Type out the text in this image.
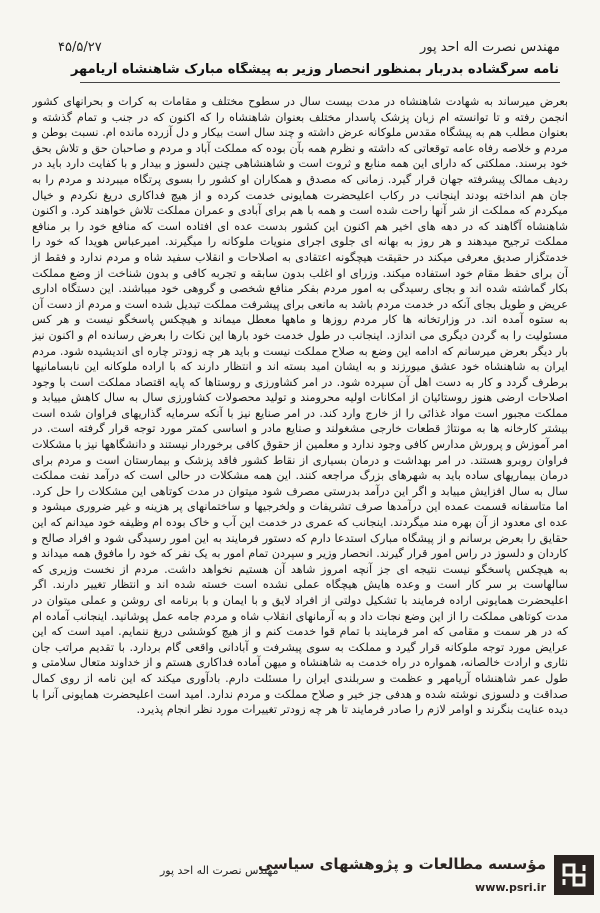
۴۵/۵/۲۷	مهندس نصرت اله احد پور
نامه سرگشاده بدربار بمنظور انحصار وزیر به پیشگاه مبارک شاهنشاه آریامهر

بعرض میرساند به شهادت شاهنشاه در مدت بیست سال در سطوح مختلف و مقامات به کرات و بحرانهای کشور انجمن رفته و تا توانسته ام زبان پزشک پاسدار مختلف بعنوان شاهنشاه را که اکنون که در جنب و تمام گذشته و بعنوان مطلب هم به پیشگاه مقدس ملوکانه عرض داشته و چند سال است بیکار و دل آزرده مانده ام. نسبت بوطن و مردم و خلاصه رفاه عامه توقعاتی که داشته و نظرم همه بآن بوده که مملکت آباد و مردم و صاحبان حق و تلاش بحق خود برسند. مملکتی که دارای این همه منابع و ثروت است و شاهنشاهی چنین دلسوز و بیدار و با کفایت دارد باید در ردیف ممالک پیشرفته جهان قرار گیرد. زمانی که مصدق و همکاران او کشور را بسوی پرتگاه میبردند و مردم را به جان هم انداخته بودند اینجانب در رکاب اعلیحضرت همایونی خدمت کرده و از هیچ فداکاری دریغ نکردم و خیال میکردم که مملکت از شر آنها راحت شده است و همه با هم برای آبادی و عمران مملکت تلاش خواهند کرد. و اکنون شاهنشاه آگاهند که در دهه های اخیر هم اکنون این کشور بدست عده ای افتاده است که منافع خود را بر منافع مملکت ترجیح میدهند و هر روز به بهانه ای جلوی اجرای منویات ملوکانه را میگیرند. امیرعباس هویدا که خود را خدمتگزار صدیق معرفی میکند در حقیقت هیچگونه اعتقادی به اصلاحات و انقلاب سفید شاه و مردم ندارد و فقط از آن برای حفظ مقام خود استفاده میکند. وزرای او اغلب بدون سابقه و تجربه کافی و بدون شناخت از وضع مملکت بکار گماشته شده اند و بجای رسیدگی به امور مردم بفکر منافع شخصی و گروهی خود میباشند. این دستگاه اداری عریض و طویل بجای آنکه در خدمت مردم باشد به مانعی برای پیشرفت مملکت تبدیل شده است و مردم از دست آن به ستوه آمده اند. در وزارتخانه ها کار مردم روزها و ماهها معطل میماند و هیچکس پاسخگو نیست و هر کس مسئولیت را به گردن دیگری می اندازد. اینجانب در طول خدمت خود بارها این نکات را بعرض رسانده ام و اکنون نیز بار دیگر بعرض میرسانم که ادامه این وضع به صلاح مملکت نیست و باید هر چه زودتر چاره ای اندیشیده شود. مردم ایران به شاهنشاه خود عشق میورزند و به ایشان امید بسته اند و انتظار دارند که با اراده ملوکانه این نابسامانیها برطرف گردد و کار به دست اهل آن سپرده شود. در امر کشاورزی و روستاها که پایه اقتصاد مملکت است با وجود اصلاحات ارضی هنوز روستائیان از امکانات اولیه محرومند و تولید محصولات کشاورزی سال به سال کاهش مییابد و مملکت مجبور است مواد غذائی را از خارج وارد کند. در امر صنایع نیز با آنکه سرمایه گذاریهای فراوان شده است بیشتر کارخانه ها به مونتاژ قطعات خارجی مشغولند و صنایع مادر و اساسی کمتر مورد توجه قرار گرفته است. در امر آموزش و پرورش مدارس کافی وجود ندارد و معلمین از حقوق کافی برخوردار نیستند و دانشگاهها نیز با مشکلات فراوان روبرو هستند. در امر بهداشت و درمان بسیاری از نقاط کشور فاقد پزشک و بیمارستان است و مردم برای درمان بیماریهای ساده باید به شهرهای بزرگ مراجعه کنند. این همه مشکلات در حالی است که درآمد نفت مملکت سال به سال افزایش مییابد و اگر این درآمد بدرستی مصرف شود میتوان در مدت کوتاهی این مشکلات را حل کرد. اما متاسفانه قسمت عمده این درآمدها صرف تشریفات و ولخرجیها و ساختمانهای پر هزینه و غیر ضروری میشود و عده ای معدود از آن بهره مند میگردند. اینجانب که عمری در خدمت این آب و خاک بوده ام وظیفه خود میدانم که این حقایق را بعرض برسانم و از پیشگاه مبارک استدعا دارم که دستور فرمایند به این امور رسیدگی شود و افراد صالح و کاردان و دلسوز در راس امور قرار گیرند. انحصار وزیر و سپردن تمام امور به یک نفر که خود را مافوق همه میداند و به هیچکس پاسخگو نیست نتیجه ای جز آنچه امروز شاهد آن هستیم نخواهد داشت. مردم از نخست وزیری که سالهاست بر سر کار است و وعده هایش هیچگاه عملی نشده است خسته شده اند و انتظار تغییر دارند. اگر اعلیحضرت همایونی اراده فرمایند با تشکیل دولتی از افراد لایق و با ایمان و با برنامه ای روشن و عملی میتوان در مدت کوتاهی مملکت را از این وضع نجات داد و به آرمانهای انقلاب شاه و مردم جامه عمل پوشانید. اینجانب آماده ام که در هر سمت و مقامی که امر فرمایند با تمام قوا خدمت کنم و از هیچ کوششی دریغ ننمایم. امید است که این عرایض مورد توجه ملوکانه قرار گیرد و مملکت به سوی پیشرفت و آبادانی واقعی گام بردارد. با تقدیم مراتب جان نثاری و ارادت خالصانه، همواره در راه خدمت به شاهنشاه و میهن آماده فداکاری هستم و از خداوند متعال سلامتی و طول عمر شاهنشاه آریامهر و عظمت و سربلندی ایران را مسئلت دارم. بادآوری میکند که این نامه از روی کمال صداقت و دلسوزی نوشته شده و هدفی جز خیر و صلاح مملکت و مردم ندارد. امید است اعلیحضرت همایونی آنرا با دیده عنایت بنگرند و اوامر لازم را صادر فرمایند تا هر چه زودتر تغییرات مورد نظر انجام پذیرد.

مهندس نصرت اله احد پور
مؤسسه مطالعات و پژوهشهای سیاسی
www.psri.ir
